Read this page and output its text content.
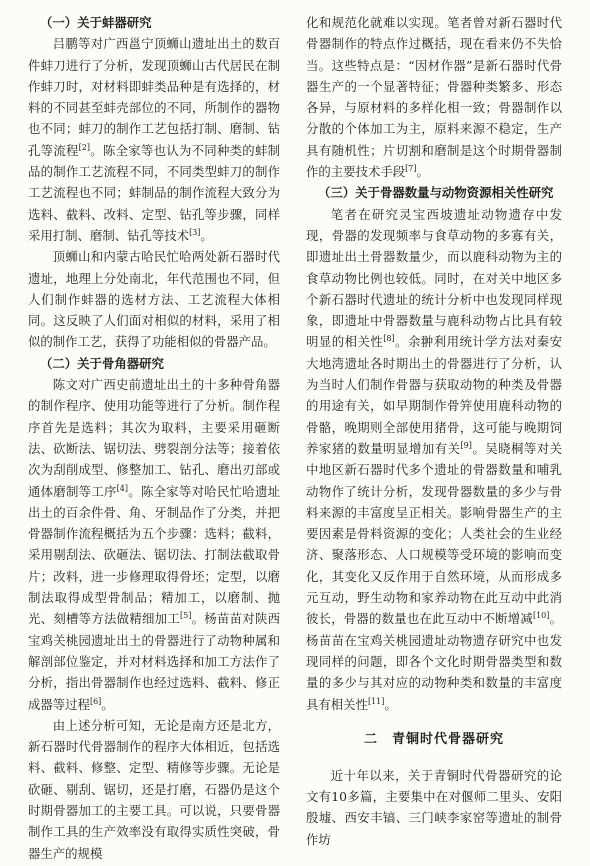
（一）关于蚌器研究

吕鹏等对广西邕宁顶蛳山遗址出土的数百件蚌刀进行了分析，发现顶蛳山古代居民在制作蚌刀时，对材料即蚌类品种是有选择的，材料的不同甚至蚌壳部位的不同，所制作的器物也不同；蚌刀的制作工艺包括打制、磨制、钻孔等流程[2]。陈全家等也认为不同种类的蚌制品的制作工艺流程不同，不同类型蚌刀的制作工艺流程也不同；蚌制品的制作流程大致分为选料、截料、改料、定型、钻孔等步骤，同样采用打制、磨制、钻孔等技术[3]。

顶蛳山和内蒙古哈民忙哈两处新石器时代遗址，地理上分处南北，年代范围也不同，但人们制作蚌器的选材方法、工艺流程大体相同。这反映了人们面对相似的材料，采用了相似的制作工艺，获得了功能相似的骨器产品。

（二）关于骨角器研究

陈文对广西史前遗址出土的十多种骨角器的制作程序、使用功能等进行了分析。制作程序首先是选料；其次为取料，主要采用砸断法、砍断法、锯切法、劈裂剖分法等；接着依次为刮削成型、修整加工、钻孔、磨出刃部或通体磨制等工序[4]。陈全家等对哈民忙哈遗址出土的百余件骨、角、牙制品作了分类，并把骨器制作流程概括为五个步骤：选料；截料，采用剔刮法、砍砸法、锯切法、打制法截取骨片；改料，进一步修理取得骨坯；定型，以磨制法取得成型骨制品；精加工，以磨制、抛光、刻槽等方法做精细加工[5]。杨苗苗对陕西宝鸡关桃园遗址出土的骨器进行了动物种属和解剖部位鉴定，并对材料选择和加工方法作了分析，指出骨器制作也经过选料、截料、修正成器等过程[6]。

由上述分析可知，无论是南方还是北方，新石器时代骨器制作的程序大体相近，包括选料、截料、修整、定型、精修等步骤。无论是砍砸、剔刮、锯切，还是打磨，石器仍是这个时期骨器加工的主要工具。可以说，只要骨器制作工具的生产效率没有取得实质性突破，骨器生产的规模

化和规范化就难以实现。笔者曾对新石器时代骨器制作的特点作过概括，现在看来仍不失恰当。这些特点是：“因材作器”是新石器时代骨器生产的一个显著特征；骨器种类繁多、形态各异，与原材料的多样化相一致；骨器制作以分散的个体加工为主，原料来源不稳定，生产具有随机性；片切割和磨制是这个时期骨器制作的主要技术手段[7]。

（三）关于骨器数量与动物资源相关性研究

笔者在研究灵宝西坡遗址动物遗存中发现，骨器的发现频率与食草动物的多寡有关，即遗址出土骨器数量少，而以鹿科动物为主的食草动物比例也较低。同时，在对关中地区多个新石器时代遗址的统计分析中也发现同样现象，即遗址中骨器数量与鹿科动物占比具有较明显的相关性[8]。余翀利用统计学方法对秦安大地湾遗址各时期出土的骨器进行了分析，认为当时人们制作骨器与获取动物的种类及骨器的用途有关，如早期制作骨笄使用鹿科动物的骨骼，晚期则全部使用猪骨，这可能与晚期饲养家猪的数量明显增加有关[9]。吴晓桐等对关中地区新石器时代多个遗址的骨器数量和哺乳动物作了统计分析，发现骨器数量的多少与骨料来源的丰富度呈正相关。影响骨器生产的主要因素是骨料资源的变化；人类社会的生业经济、聚落形态、人口规模等受环境的影响而变化，其变化又反作用于自然环境，从而形成多元互动，野生动物和家养动物在此互动中此消彼长，骨器的数量也在此互动中不断增减[10]。杨苗苗在宝鸡关桃园遗址动物遗存研究中也发现同样的问题，即各个文化时期骨器类型和数量的多少与其对应的动物种类和数量的丰富度具有相关性[11]。

二　青铜时代骨器研究

近十年以来，关于青铜时代骨器研究的论文有10多篇，主要集中在对偃师二里头、安阳殷墟、西安丰镐、三门峡李家窑等遗址的制骨作坊
